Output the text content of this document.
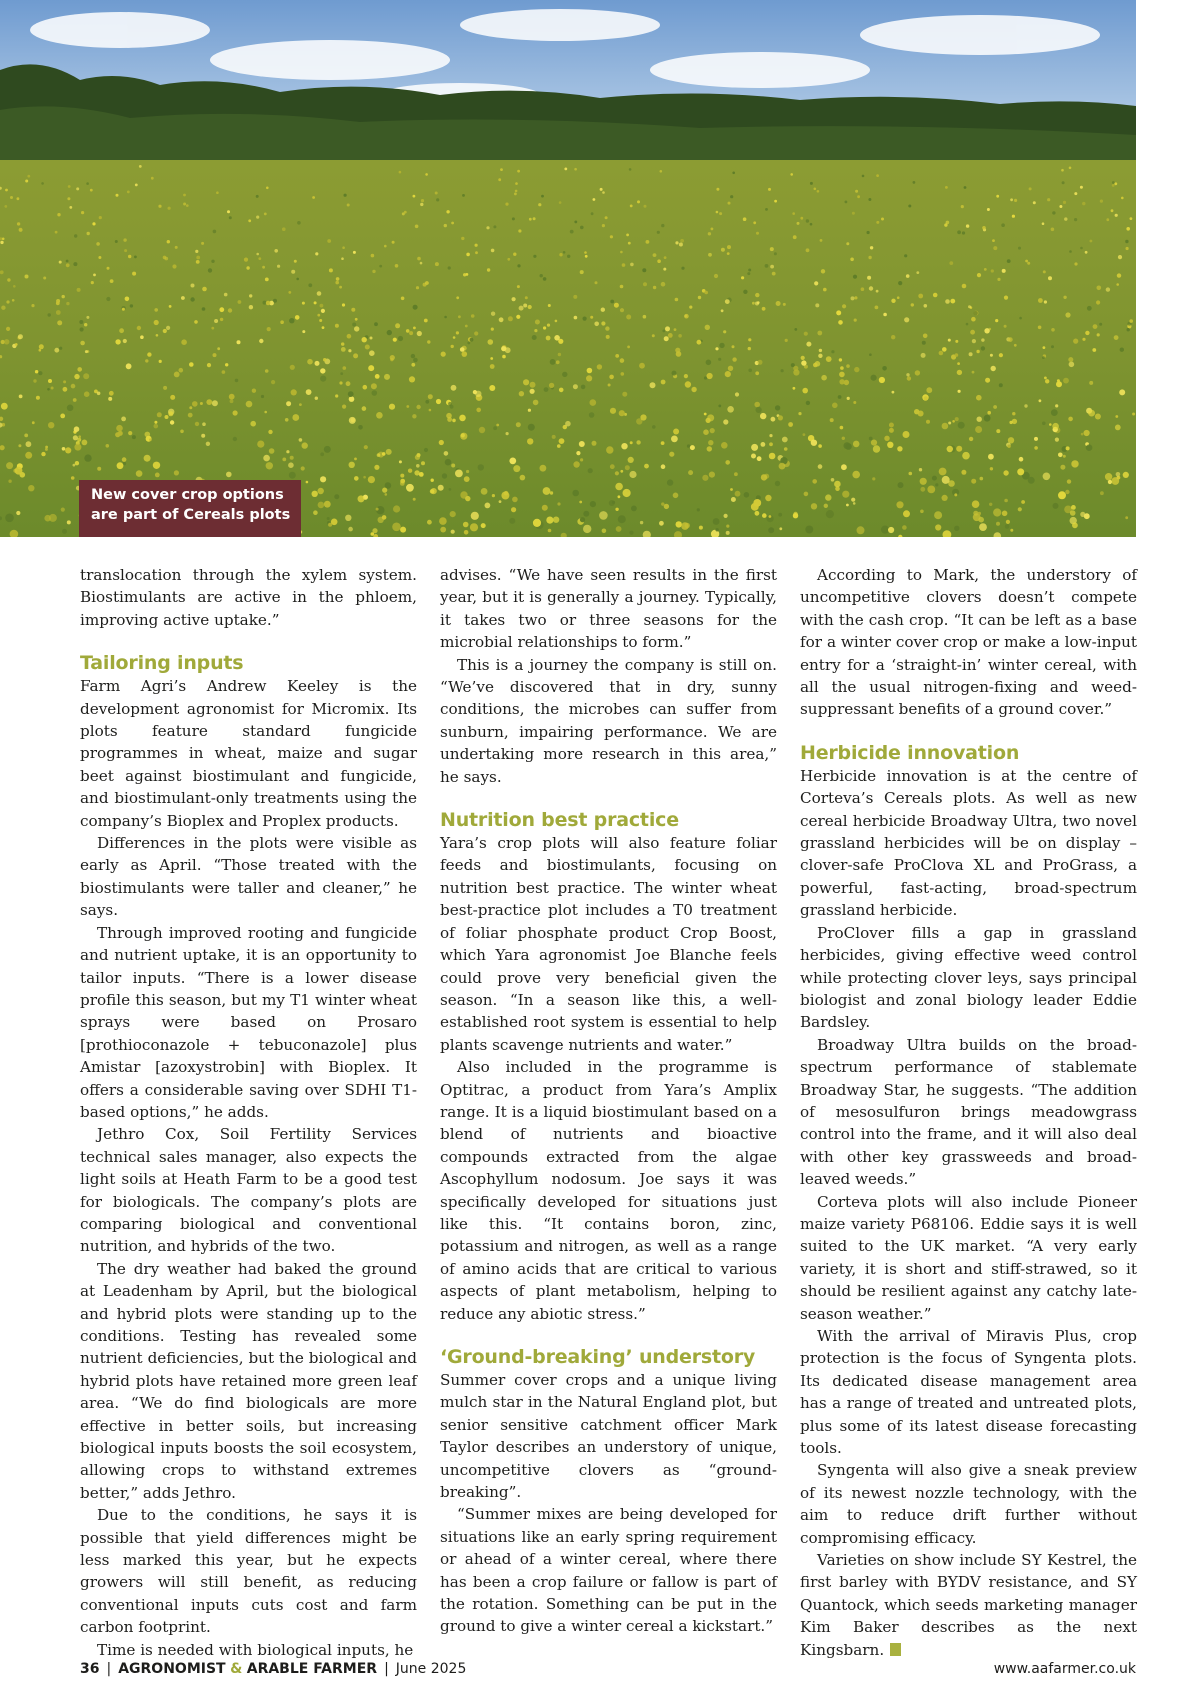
New cover crop options
are part of Cereals plots

translocation through the xylem system. Biostimulants are active in the phloem, improving active uptake.”

Tailoring inputs

Farm Agri’s Andrew Keeley is the development agronomist for Micromix. Its plots feature standard fungicide programmes in wheat, maize and sugar beet against biostimulant and fungicide, and biostimulant-only treatments using the company’s Bioplex and Proplex products.

Differences in the plots were visible as early as April. “Those treated with the biostimulants were taller and cleaner,” he says.

Through improved rooting and fungicide and nutrient uptake, it is an opportunity to tailor inputs. “There is a lower disease profile this season, but my T1 winter wheat sprays were based on Prosaro [prothioconazole + tebuconazole] plus Amistar [azoxystrobin] with Bioplex. It offers a considerable saving over SDHI T1-based options,” he adds.

Jethro Cox, Soil Fertility Services technical sales manager, also expects the light soils at Heath Farm to be a good test for biologicals. The company’s plots are comparing biological and conventional nutrition, and hybrids of the two.

The dry weather had baked the ground at Leadenham by April, but the biological and hybrid plots were standing up to the conditions. Testing has revealed some nutrient deficiencies, but the biological and hybrid plots have retained more green leaf area. “We do find biologicals are more effective in better soils, but increasing biological inputs boosts the soil ecosystem, allowing crops to withstand extremes better,” adds Jethro.

Due to the conditions, he says it is possible that yield differences might be less marked this year, but he expects growers will still benefit, as reducing conventional inputs cuts cost and farm carbon footprint.

Time is needed with biological inputs, he

advises. “We have seen results in the first year, but it is generally a journey. Typically, it takes two or three seasons for the microbial relationships to form.”

This is a journey the company is still on. “We’ve discovered that in dry, sunny conditions, the microbes can suffer from sunburn, impairing performance. We are undertaking more research in this area,” he says.

Nutrition best practice

Yara’s crop plots will also feature foliar feeds and biostimulants, focusing on nutrition best practice. The winter wheat best-practice plot includes a T0 treatment of foliar phosphate product Crop Boost, which Yara agronomist Joe Blanche feels could prove very beneficial given the season. “In a season like this, a well-established root system is essential to help plants scavenge nutrients and water.”

Also included in the programme is Optitrac, a product from Yara’s Amplix range. It is a liquid biostimulant based on a blend of nutrients and bioactive compounds extracted from the algae Ascophyllum nodosum. Joe says it was specifically developed for situations just like this. “It contains boron, zinc, potassium and nitrogen, as well as a range of amino acids that are critical to various aspects of plant metabolism, helping to reduce any abiotic stress.”

‘Ground-breaking’ understory

Summer cover crops and a unique living mulch star in the Natural England plot, but senior sensitive catchment officer Mark Taylor describes an understory of unique, uncompetitive clovers as “ground-breaking”.

“Summer mixes are being developed for situations like an early spring requirement or ahead of a winter cereal, where there has been a crop failure or fallow is part of the rotation. Something can be put in the ground to give a winter cereal a kickstart.”

According to Mark, the understory of uncompetitive clovers doesn’t compete with the cash crop. “It can be left as a base for a winter cover crop or make a low-input entry for a ‘straight-in’ winter cereal, with all the usual nitrogen-fixing and weed-suppressant benefits of a ground cover.”

Herbicide innovation

Herbicide innovation is at the centre of Corteva’s Cereals plots. As well as new cereal herbicide Broadway Ultra, two novel grassland herbicides will be on display – clover-safe ProClova XL and ProGrass, a powerful, fast-acting, broad-spectrum grassland herbicide.

ProClover fills a gap in grassland herbicides, giving effective weed control while protecting clover leys, says principal biologist and zonal biology leader Eddie Bardsley.

Broadway Ultra builds on the broad-spectrum performance of stablemate Broadway Star, he suggests. “The addition of mesosulfuron brings meadowgrass control into the frame, and it will also deal with other key grassweeds and broad-leaved weeds.”

Corteva plots will also include Pioneer maize variety P68106. Eddie says it is well suited to the UK market. “A very early variety, it is short and stiff-strawed, so it should be resilient against any catchy late-season weather.”

With the arrival of Miravis Plus, crop protection is the focus of Syngenta plots. Its dedicated disease management area has a range of treated and untreated plots, plus some of its latest disease forecasting tools.

Syngenta will also give a sneak preview of its newest nozzle technology, with the aim to reduce drift further without compromising efficacy.

Varieties on show include SY Kestrel, the first barley with BYDV resistance, and SY Quantock, which seeds marketing manager Kim Baker describes as the next Kingsbarn.

36 | AGRONOMIST & ARABLE FARMER | June 2025	www.aafarmer.co.uk
